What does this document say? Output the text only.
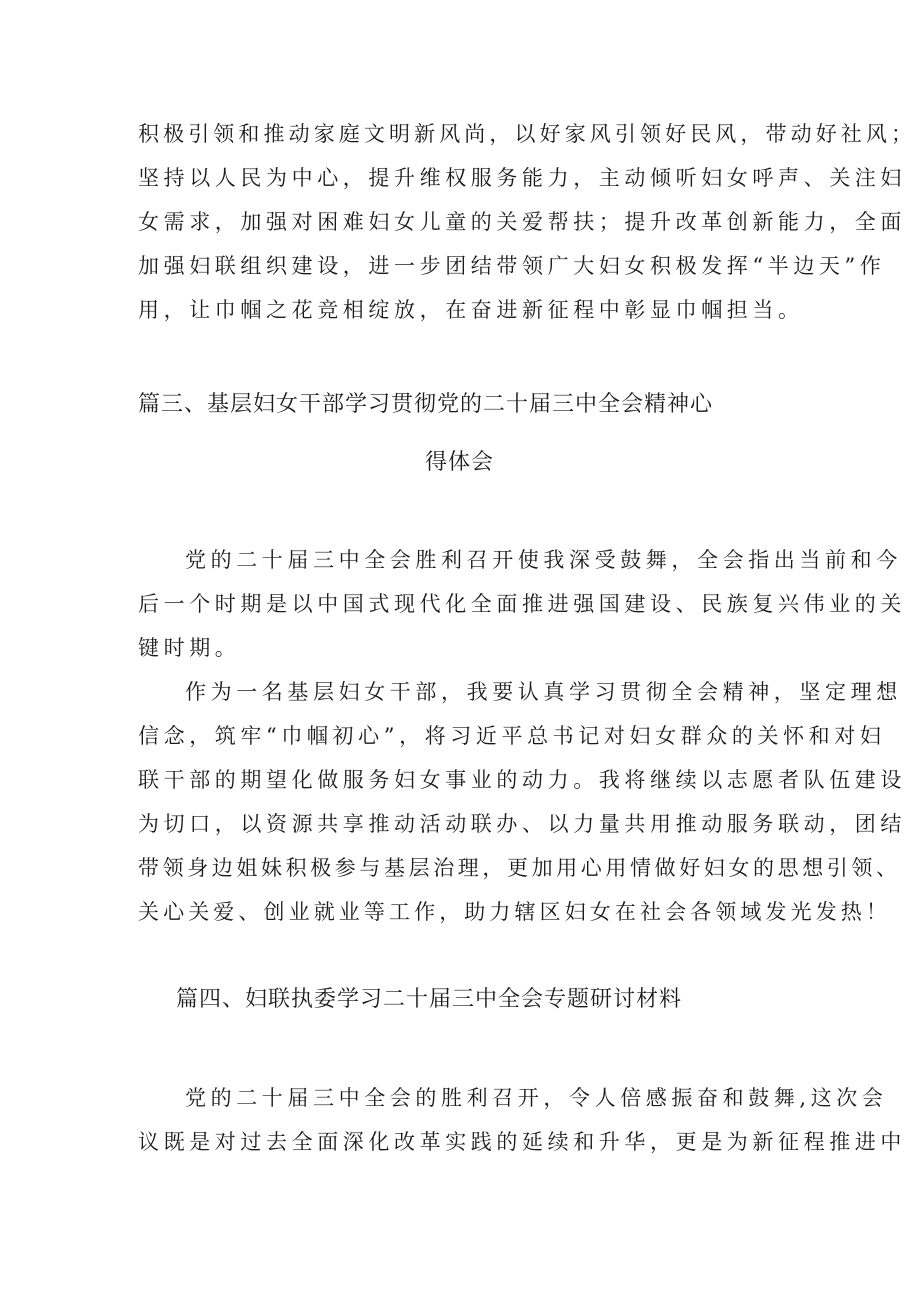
积极引领和推动家庭文明新风尚，以好家风引领好民风，带动好社风；
坚持以人民为中心，提升维权服务能力，主动倾听妇女呼声、关注妇
女需求，加强对困难妇女儿童的关爱帮扶；提升改革创新能力，全面
加强妇联组织建设，进一步团结带领广大妇女积极发挥“半边天”作
用，让巾帼之花竞相绽放，在奋进新征程中彰显巾帼担当。
篇三、基层妇女干部学习贯彻党的二十届三中全会精神心
得体会
党的二十届三中全会胜利召开使我深受鼓舞，全会指出当前和今
后一个时期是以中国式现代化全面推进强国建设、民族复兴伟业的关
键时期。
作为一名基层妇女干部，我要认真学习贯彻全会精神，坚定理想
信念，筑牢“巾帼初心”，将习近平总书记对妇女群众的关怀和对妇
联干部的期望化做服务妇女事业的动力。我将继续以志愿者队伍建设
为切口，以资源共享推动活动联办、以力量共用推动服务联动，团结
带领身边姐妹积极参与基层治理，更加用心用情做好妇女的思想引领、
关心关爱、创业就业等工作，助力辖区妇女在社会各领域发光发热！
篇四、妇联执委学习二十届三中全会专题研讨材料
党的二十届三中全会的胜利召开，令人倍感振奋和鼓舞,这次会
议既是对过去全面深化改革实践的延续和升华，更是为新征程推进中
